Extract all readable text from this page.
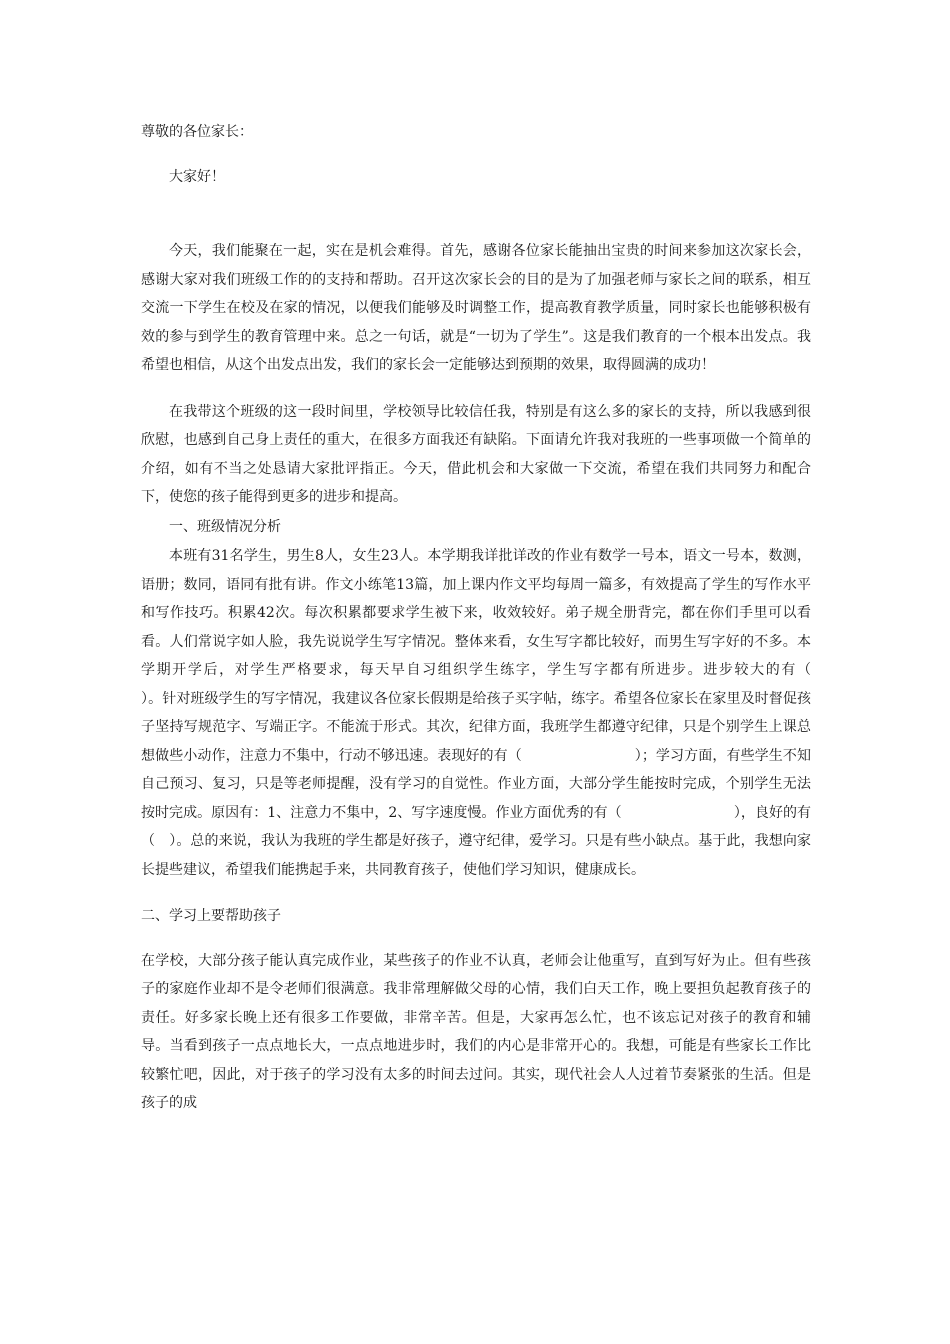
尊敬的各位家长：

大家好！

今天，我们能聚在一起，实在是机会难得。首先，感谢各位家长能抽出宝贵的时间来参加这次家长会，感谢大家对我们班级工作的的支持和帮助。召开这次家长会的目的是为了加强老师与家长之间的联系，相互交流一下学生在校及在家的情况，以便我们能够及时调整工作，提高教育教学质量，同时家长也能够积极有效的参与到学生的教育管理中来。总之一句话，就是“一切为了学生”。这是我们教育的一个根本出发点。我希望也相信，从这个出发点出发，我们的家长会一定能够达到预期的效果，取得圆满的成功！

在我带这个班级的这一段时间里，学校领导比较信任我，特别是有这么多的家长的支持，所以我感到很欣慰，也感到自己身上责任的重大，在很多方面我还有缺陷。下面请允许我对我班的一些事项做一个简单的介绍，如有不当之处恳请大家批评指正。今天，借此机会和大家做一下交流，希望在我们共同努力和配合下，使您的孩子能得到更多的进步和提高。

一、班级情况分析

本班有31名学生，男生8人，女生23人。本学期我详批详改的作业有数学一号本，语文一号本，数测，语册；数同，语同有批有讲。作文小练笔13篇，加上课内作文平均每周一篇多，有效提高了学生的写作水平和写作技巧。积累42次。每次积累都要求学生被下来，收效较好。弟子规全册背完，都在你们手里可以看看。人们常说字如人脸，我先说说学生写字情况。整体来看，女生写字都比较好，而男生写字好的不多。本学期开学后，对学生严格要求，每天早自习组织学生练字，学生写字都有所进步。进步较大的有（　　　　）。针对班级学生的写字情况，我建议各位家长假期是给孩子买字帖，练字。希望各位家长在家里及时督促孩子坚持写规范字、写端正字。不能流于形式。其次，纪律方面，我班学生都遵守纪律，只是个别学生上课总想做些小动作，注意力不集中，行动不够迅速。表现好的有（　　　　　　　　）；学习方面，有些学生不知自己预习、复习，只是等老师提醒，没有学习的自觉性。作业方面，大部分学生能按时完成，个别学生无法按时完成。原因有：1、注意力不集中，2、写字速度慢。作业方面优秀的有（　　　　　　　　），良好的有（　）。总的来说，我认为我班的学生都是好孩子，遵守纪律，爱学习。只是有些小缺点。基于此，我想向家长提些建议，希望我们能携起手来，共同教育孩子，使他们学习知识，健康成长。

二、学习上要帮助孩子

在学校，大部分孩子能认真完成作业，某些孩子的作业不认真，老师会让他重写，直到写好为止。但有些孩子的家庭作业却不是令老师们很满意。我非常理解做父母的心情，我们白天工作，晚上要担负起教育孩子的责任。好多家长晚上还有很多工作要做，非常辛苦。但是，大家再怎么忙，也不该忘记对孩子的教育和辅导。当看到孩子一点点地长大，一点点地进步时，我们的内心是非常开心的。我想，可能是有些家长工作比较繁忙吧，因此，对于孩子的学习没有太多的时间去过问。其实，现代社会人人过着节奏紧张的生活。但是孩子的成
